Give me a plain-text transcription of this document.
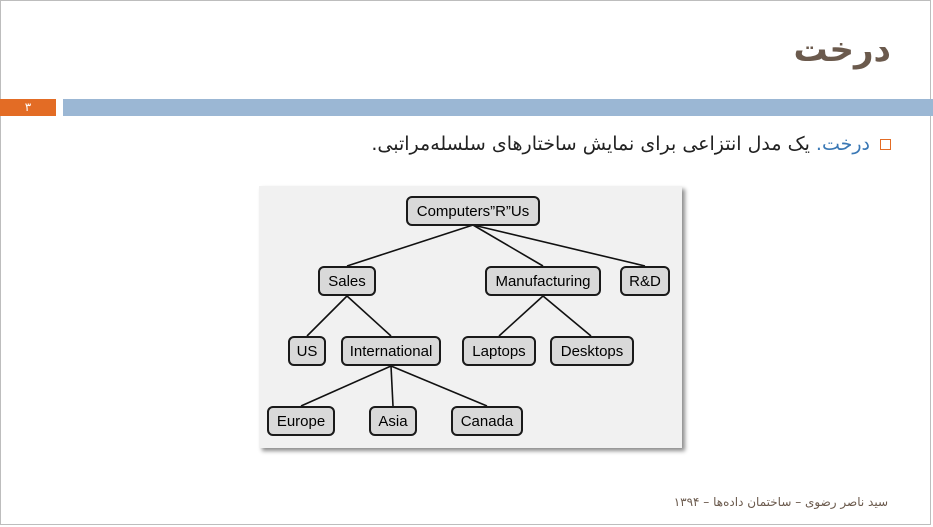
درخت
۳
درخت. یک مدل انتزاعی برای نمایش ساختارهای سلسله‌مراتبی.
Computers”R”Us
Sales	Manufacturing	R&D
US	International	Laptops	Desktops
Europe	Asia	Canada
سید ناصر رضوی – ساختمان داده‌ها – ۱۳۹۴
